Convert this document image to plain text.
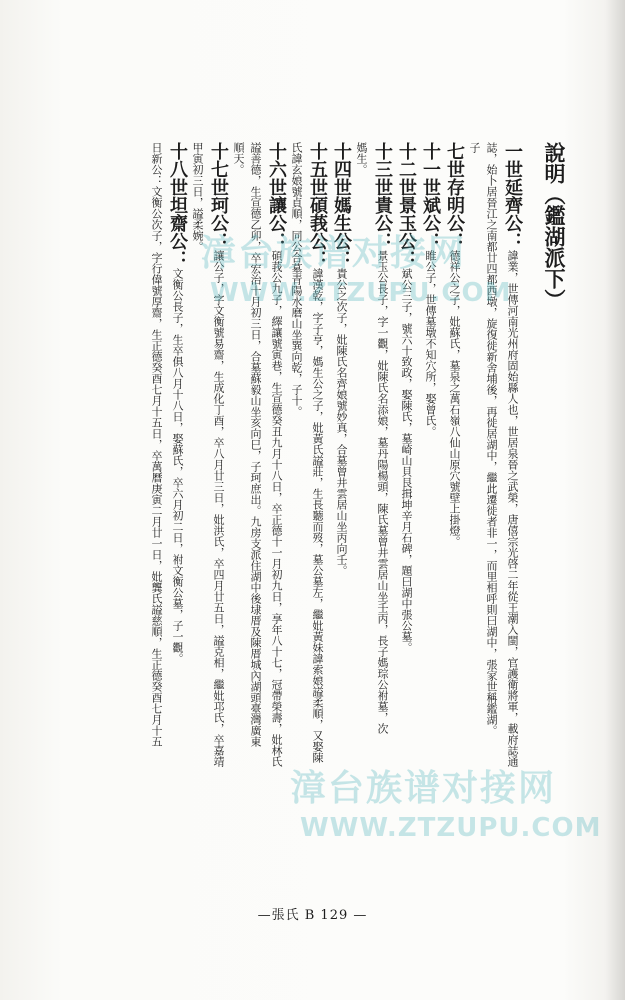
說明（鑑湖派下）
一世延齊公：諱業，世傳河南光州府固始縣人也，世居泉晉之武榮，唐僖宗光啓二年從王潮入閩，官護衛將軍，載府誌通
誌，始卜居晉江之南都廿四都西墩，旋復徙新舍埔後，再徙居湖中，繼此遷徙者非一，而里相呼則曰湖中，張家世稱鑑湖。
子
七世存明公：德祥公之子，妣蘇氏，墓泉之萬石嶺八仙山原穴號壁上掛燈。
十一世斌公：睢公子，世傳墓墩不知穴所，娶曾氏。
十二世景玉公：斌公三子，號六十致政，娶陳氏，墓崎山貝艮揖坤辛月石碑，題曰湖中張公墓。
十三世貴公：景玉公長子，字一觀，妣陳氏名添娘，墓丹陽楊頭，陳氏墓曾井雲居山坐壬丙，長子媽琮公祔墓，次
媽生。
十四世媽生公：貴公之次子，妣陳氏名齊娘號妙真，合墓曾井雲居山坐丙向壬。
十五世碩莪公：諱漢乾，字子亨，媽生公之子，妣黃氏謚莊，生長聽而歿，墓公墓左，繼妣黃妹諱索娘謚柔順，又娶陳
氏諱玄娘號貞順，同公合墓青陽水磨山坐巽向乾，子十。
十六世讓公：碩莪公九子，繹讓號寅巷，生宣德癸丑九月十八日，卒正德十一月初九日，享年八十七，冠帶榮壽，妣林氏
謚善德，生宣德乙卯，卒宏治十月初三日，合墓蘇毅山坐亥向巳，子珂庶出。九房支派住湖中後埭厝及陳厝城內湖頭臺灣廣東
順天。
十七世珂公：讓公子，字文衡號易齋，生成化丁酉，卒八月廿三日，妣洪氏，卒四月廿五日，謚克相，繼妣邛氏，卒嘉靖
甲寅初三日，謚柔婉。
十八世坦齋公：文衡公長子，生卒俱八月十八日，娶蘇氏，卒六月初二日，祔文衡公墓，子一觀。
日新公：文衡公次子，字行偉號厚齋，生正德癸酉七月十五日，卒萬曆庚寅二月廿一日，妣龔氏謚慈順，生正德癸酉七月十五 漳台族谱对接网
WWW.ZTZUPU.COM
漳台族谱对接网
WWW.ZTZUPU.COM
—張氏 B 129 —
